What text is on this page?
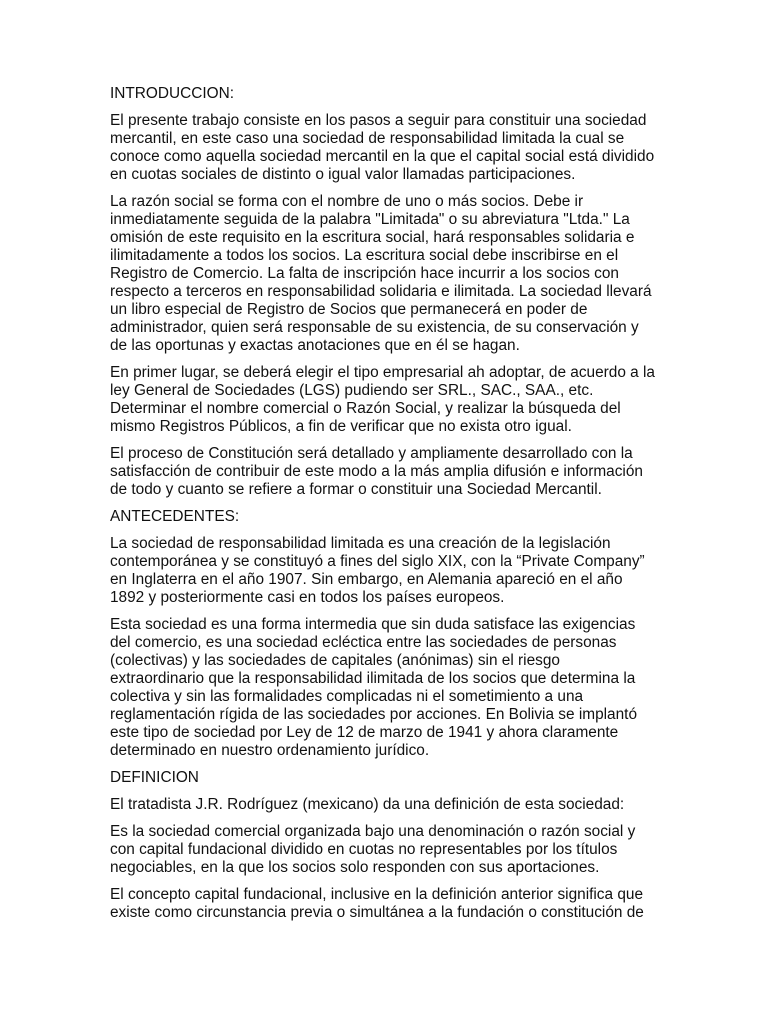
INTRODUCCION:

El presente trabajo consiste en los pasos a seguir para constituir una sociedad mercantil, en este caso una sociedad de responsabilidad limitada la cual se conoce como aquella sociedad mercantil en la que el capital social está dividido en cuotas sociales de distinto o igual valor llamadas participaciones.

La razón social se forma con el nombre de uno o más socios. Debe ir inmediatamente seguida de la palabra "Limitada" o su abreviatura "Ltda." La omisión de este requisito en la escritura social, hará responsables solidaria e ilimitadamente a todos los socios. La escritura social debe inscribirse en el Registro de Comercio. La falta de inscripción hace incurrir a los socios con respecto a terceros en responsabilidad solidaria e ilimitada. La sociedad llevará un libro especial de Registro de Socios que permanecerá en poder de administrador, quien será responsable de su existencia, de su conservación y de las oportunas y exactas anotaciones que en él se hagan.

En primer lugar, se deberá elegir el tipo empresarial ah adoptar, de acuerdo a la ley General de Sociedades (LGS) pudiendo ser SRL., SAC., SAA., etc. Determinar el nombre comercial o Razón Social, y realizar la búsqueda del mismo Registros Públicos, a fin de verificar que no exista otro igual.

El proceso de Constitución será detallado y ampliamente desarrollado con la satisfacción de contribuir de este modo a la más amplia difusión e información de todo y cuanto se refiere a formar o constituir una Sociedad Mercantil.

ANTECEDENTES:

La sociedad de responsabilidad limitada es una creación de la legislación contemporánea y se constituyó a fines del siglo XIX, con la “Private Company” en Inglaterra en el año 1907. Sin embargo, en Alemania apareció en el año 1892 y posteriormente casi en todos los países europeos.

Esta sociedad es una forma intermedia que sin duda satisface las exigencias del comercio, es una sociedad ecléctica entre las sociedades de personas (colectivas) y las sociedades de capitales (anónimas) sin el riesgo extraordinario que la responsabilidad ilimitada de los socios que determina la colectiva y sin las formalidades complicadas ni el sometimiento a una reglamentación rígida de las sociedades por acciones. En Bolivia se implantó este tipo de sociedad por Ley de 12 de marzo de 1941 y ahora claramente determinado en nuestro ordenamiento jurídico.

DEFINICION

El tratadista J.R. Rodríguez (mexicano) da una definición de esta sociedad:

Es la sociedad comercial organizada bajo una denominación o razón social y con capital fundacional dividido en cuotas no representables por los títulos negociables, en la que los socios solo responden con sus aportaciones.

El concepto capital fundacional, inclusive en la definición anterior significa que existe como circunstancia previa o simultánea a la fundación o constitución de
